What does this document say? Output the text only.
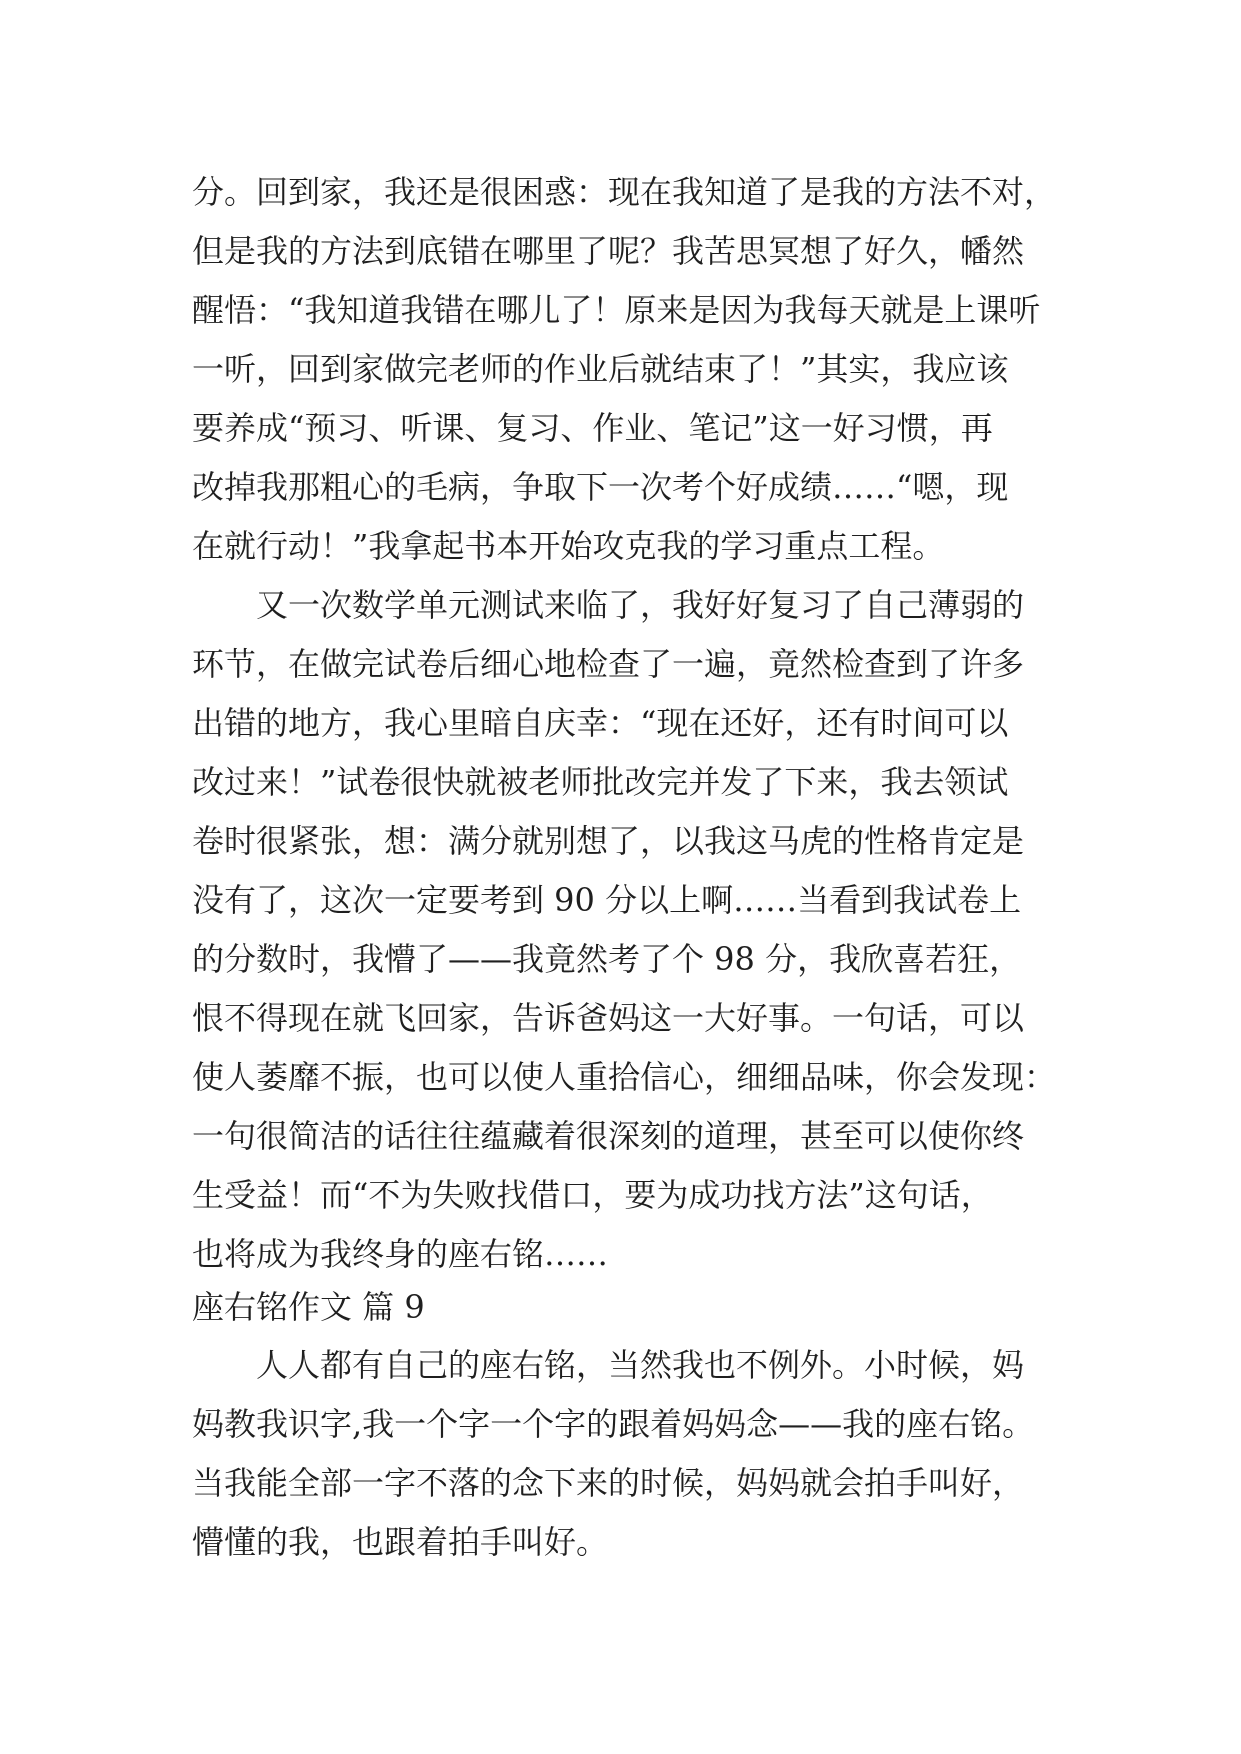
分。回到家，我还是很困惑：现在我知道了是我的方法不对，
但是我的方法到底错在哪里了呢？我苦思冥想了好久，幡然
醒悟：“我知道我错在哪儿了！原来是因为我每天就是上课听
一听，回到家做完老师的作业后就结束了！”其实，我应该
要养成“预习、听课、复习、作业、笔记”这一好习惯，再
改掉我那粗心的毛病，争取下一次考个好成绩……“嗯，现
在就行动！”我拿起书本开始攻克我的学习重点工程。
又一次数学单元测试来临了，我好好复习了自己薄弱的
环节，在做完试卷后细心地检查了一遍，竟然检查到了许多
出错的地方，我心里暗自庆幸：“现在还好，还有时间可以
改过来！”试卷很快就被老师批改完并发了下来，我去领试
卷时很紧张，想：满分就别想了，以我这马虎的性格肯定是
没有了，这次一定要考到 90 分以上啊……当看到我试卷上
的分数时，我懵了——我竟然考了个 98 分，我欣喜若狂，
恨不得现在就飞回家，告诉爸妈这一大好事。一句话，可以
使人萎靡不振，也可以使人重拾信心，细细品味，你会发现：
一句很简洁的话往往蕴藏着很深刻的道理，甚至可以使你终
生受益！而“不为失败找借口，要为成功找方法”这句话，
也将成为我终身的座右铭……
座右铭作文 篇 9
人人都有自己的座右铭，当然我也不例外。小时候，妈
妈教我识字,我一个字一个字的跟着妈妈念——我的座右铭。
当我能全部一字不落的念下来的时候，妈妈就会拍手叫好，
懵懂的我，也跟着拍手叫好。
